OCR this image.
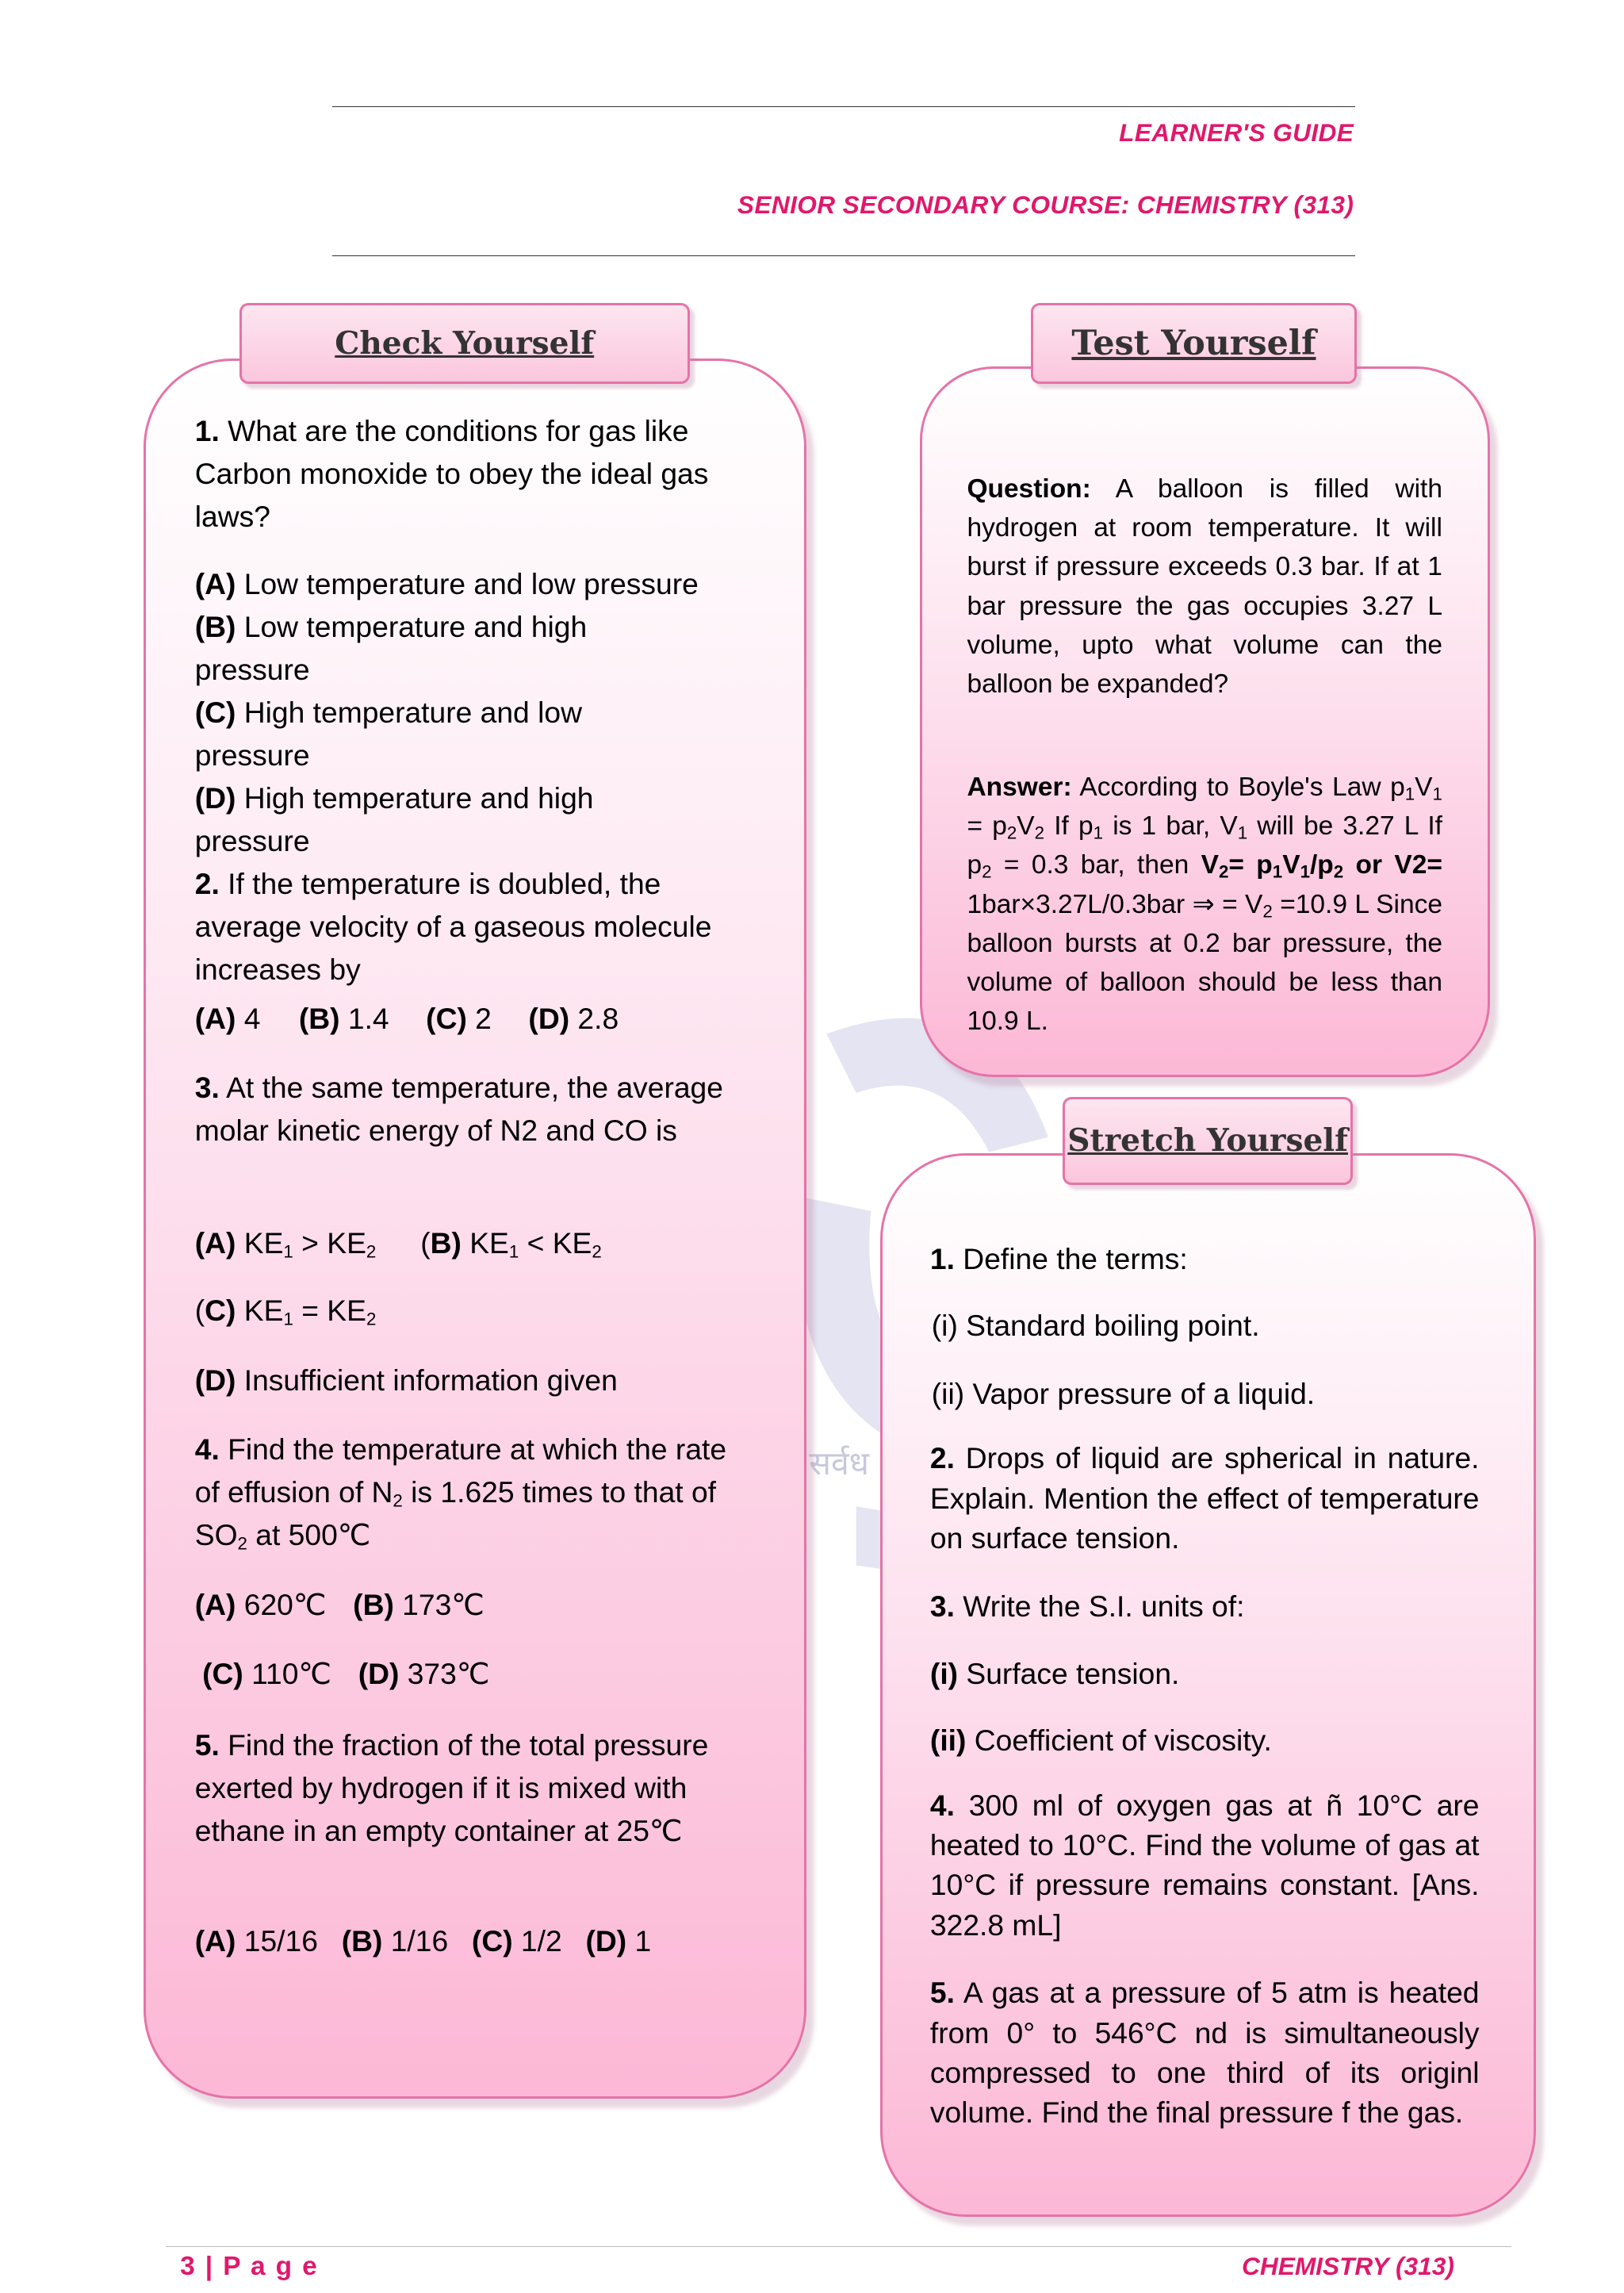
सर्वध
LEARNER'S GUIDE
SENIOR SECONDARY COURSE: CHEMISTRY (313)
Check Yourself
1. What are the conditions for gas like Carbon monoxide to obey the ideal gas laws?
(A) Low temperature and low pressure
(B) Low temperature and high pressure
(C) High temperature and low pressure
(D) High temperature and high pressure
2. If the temperature is doubled, the average velocity of a gaseous molecule increases by
(A) 4 (B) 1.4 (C) 2 (D) 2.8
3. At the same temperature, the average molar kinetic energy of N2 and CO is
(A) $KE_1 > KE_2$	(B) $KE_1 < KE_2$
(C) $KE_1 = KE_2$
(D) Insufficient information given
4. Find the temperature at which the rate of effusion of $N_2$ is 1.625 times to that of $SO_2$ at 500℃
(A) 620℃ (B) 173℃
(C) 110℃ (D) 373℃
5. Find the fraction of the total pressure exerted by hydrogen if it is mixed with ethane in an empty container at 25℃
(A) 15/16 (B) 1/16 (C) 1/2 (D) 1
Test Yourself
Question: A balloon is filled with hydrogen at room temperature. It will burst if pressure exceeds 0.3 bar. If at 1 bar pressure the gas occupies 3.27 L volume, upto what volume can the balloon be expanded?
Answer: According to Boyle's Law $p_1V_1 = p_2V_2$ If $p_1$ is 1 bar, $V_1$ will be 3.27 L If $p_2 = 0.3$ bar, then $V_2= p_1V_1/p_2$ or V2= 1bar×3.27L/0.3bar ⇒ = $V_2 =10.9$ L Since balloon bursts at 0.2 bar pressure, the volume of balloon should be less than 10.9 L.
Stretch Yourself
1. Define the terms:
(i) Standard boiling point.
(ii) Vapor pressure of a liquid.
2. Drops of liquid are spherical in nature. Explain. Mention the effect of temperature on surface tension.
3. Write the S.I. units of:
(i) Surface tension.
(ii) Coefficient of viscosity.
4. 300 ml of oxygen gas at ñ 10°C are heated to 10°C. Find the volume of gas at 10°C if pressure remains constant. [Ans. 322.8 mL]
5. A gas at a pressure of 5 atm is heated from 0° to 546°C nd is simultaneously compressed to one third of its originl volume. Find the final pressure f the gas.
3 | P a g e	CHEMISTRY (313)
